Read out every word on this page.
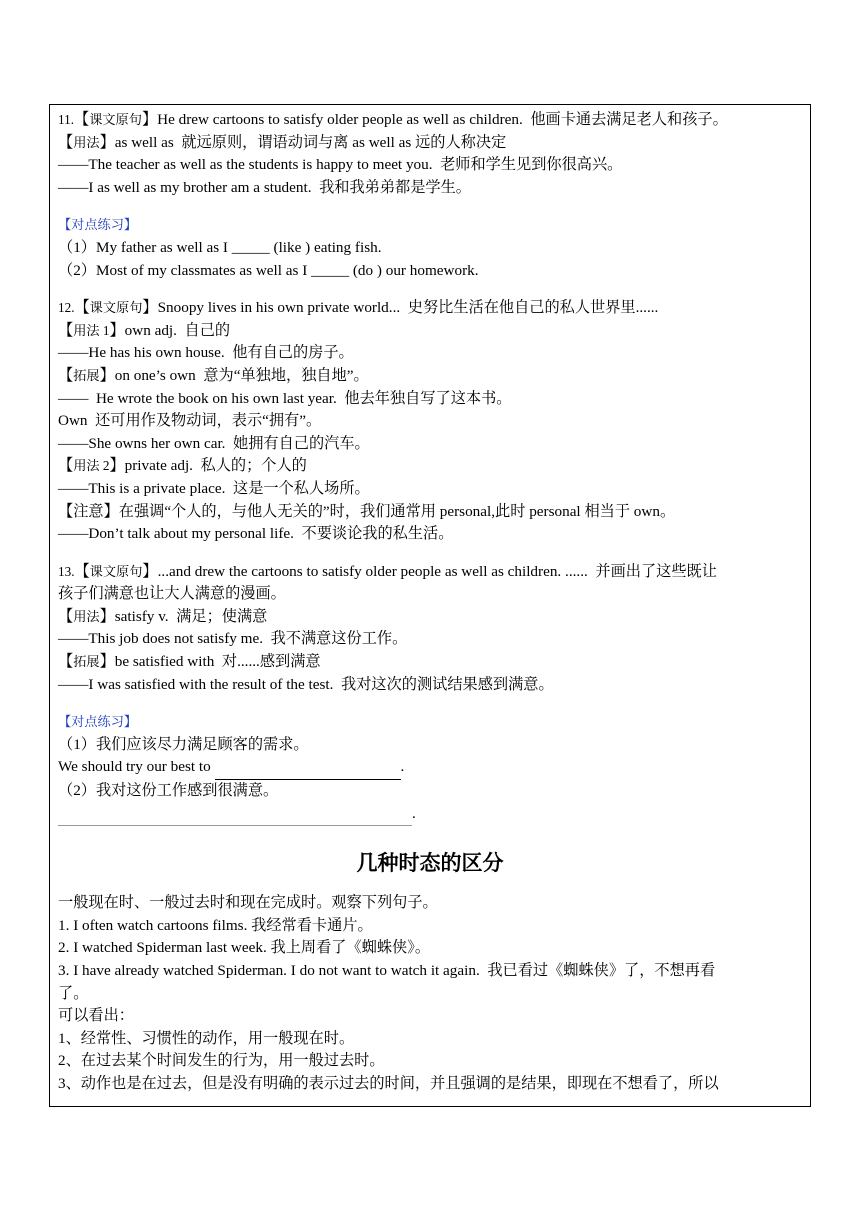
11.【课文原句】He drew cartoons to satisfy older people as well as children.  他画卡通去满足老人和孩子。
【用法】as well as  就远原则，谓语动词与离 as well as 远的人称决定
——The teacher as well as the students is happy to meet you.  老师和学生见到你很高兴。
——I as well as my brother am a student.  我和我弟弟都是学生。
【对点练习】
（1）My father as well as I _____ (like ) eating fish.
（2）Most of my classmates as well as I _____ (do ) our homework.
12.【课文原句】Snoopy lives in his own private world...  史努比生活在他自己的私人世界里......
【用法 1】own adj.  自己的
——He has his own house.  他有自己的房子。
【拓展】on one’s own  意为“单独地，独自地”。
——  He wrote the book on his own last year.  他去年独自写了这本书。
Own  还可用作及物动词，表示“拥有”。
——She owns her own car.  她拥有自己的汽车。
【用法 2】private adj.  私人的；个人的
——This is a private place.  这是一个私人场所。
【注意】在强调“个人的，与他人无关的”时，我们通常用 personal,此时 personal 相当于 own。
——Don’t talk about my personal life.  不要谈论我的私生活。
13.【课文原句】...and drew the cartoons to satisfy older people as well as children. ......  并画出了这些既让
孩子们满意也让大人满意的漫画。
【用法】satisfy v.  满足；使满意
——This job does not satisfy me.  我不满意这份工作。
【拓展】be satisfied with  对......感到满意
——I was satisfied with the result of the test.  我对这次的测试结果感到满意。
【对点练习】
（1）我们应该尽力满足顾客的需求。
We should try our best to	.
（2）我对这份工作感到很满意。
.
几种时态的区分
一般现在时、一般过去时和现在完成时。观察下列句子。
1. I often watch cartoons films. 我经常看卡通片。
2. I watched Spiderman last week. 我上周看了《蜘蛛侠》。
3. I have already watched Spiderman. I do not want to watch it again.  我已看过《蜘蛛侠》了，不想再看
了。
可以看出：
1、经常性、习惯性的动作，用一般现在时。
2、在过去某个时间发生的行为，用一般过去时。
3、动作也是在过去，但是没有明确的表示过去的时间，并且强调的是结果，即现在不想看了，所以
